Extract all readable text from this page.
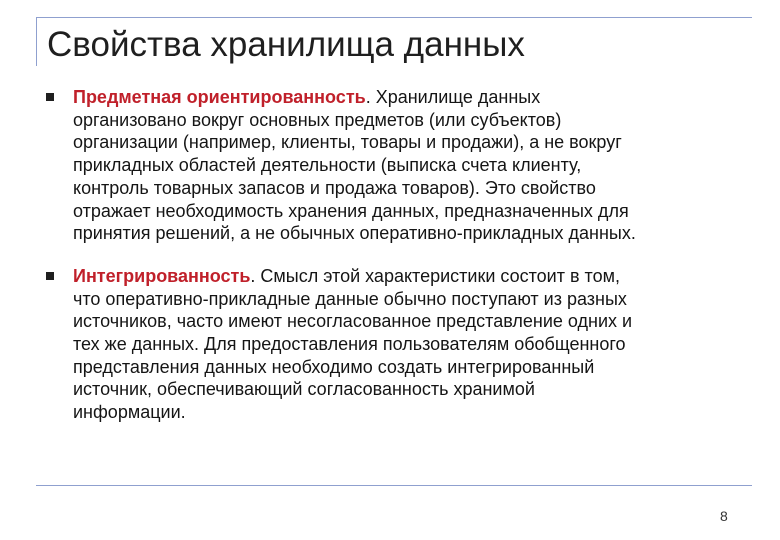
Свойства хранилища данных
Предметная ориентированность. Хранилище данных
организовано вокруг основных предметов (или субъектов)
организации (например, клиенты, товары и продажи), а не вокруг
прикладных областей деятельности (выписка счета клиенту,
контроль товарных запасов и продажа товаров). Это свойство
отражает необходимость хранения данных, предназначенных для
принятия решений, а не обычных оперативно-прикладных данных.
Интегрированность. Смысл этой характеристики состоит в том,
что оперативно-прикладные данные обычно поступают из разных
источников, часто имеют несогласованное представление одних и
тех же данных. Для предоставления пользователям обобщенного
представления данных необходимо создать интегрированный
источник, обеспечивающий согласованность хранимой
информации.
8
